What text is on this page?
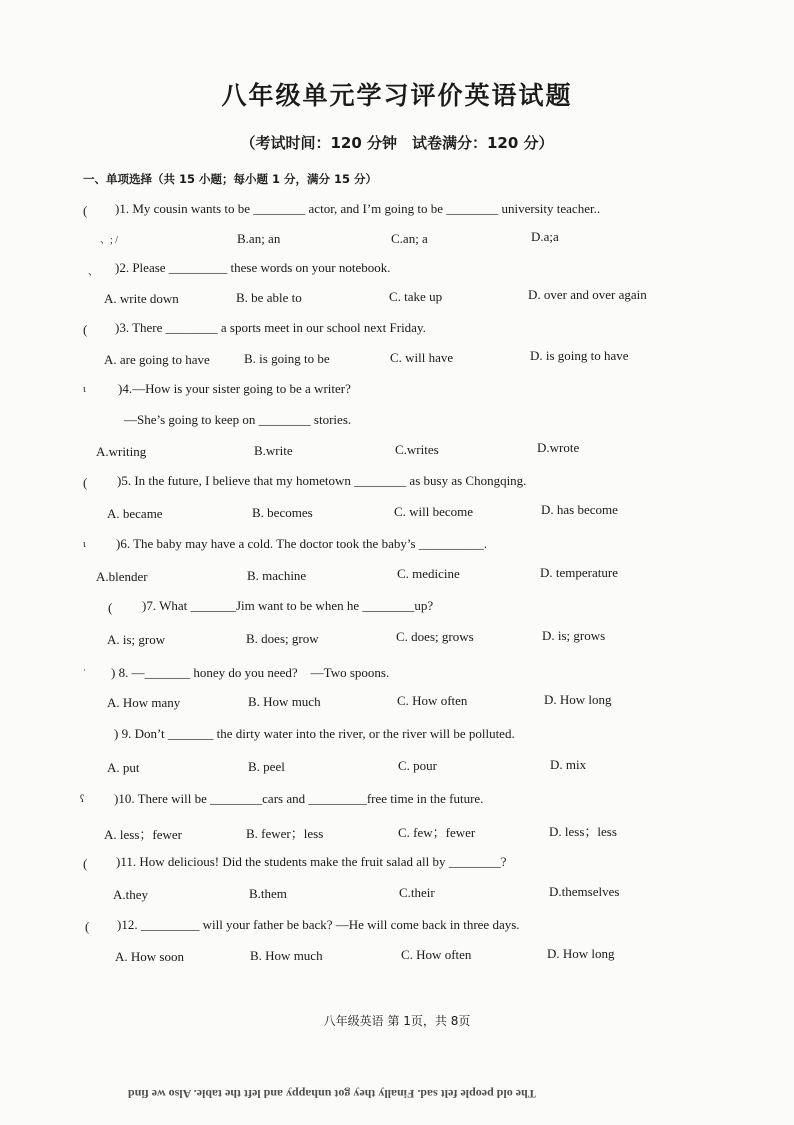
八年级单元学习评价英语试题
（考试时间：120 分钟　试卷满分：120 分）
一、单项选择（共 15 小题；每小题 1 分，满分 15 分）
( )1. My cousin wants to be ________ actor, and I’m going to be ________ university teacher..
、; /	B.an; an	C.an; a	D.a;a
、 )2. Please _________ these words on your notebook.
A. write down	B. be able to	C. take up	D. over and over again
( )3. There ________ a sports meet in our school next Friday.
A. are going to have	B. is going to be	C. will have	D. is going to have
ι )4.—How is your sister going to be a writer?
—She’s going to keep on ________ stories.
A.writing	B.write	C.writes	D.wrote
( )5. In the future, I believe that my hometown ________ as busy as Chongqing.
A. became	B. becomes	C. will become	D. has become
ι )6. The baby may have a cold. The doctor took the baby’s __________.
A.blender	B. machine	C. medicine	D. temperature
( )7. What _______Jim want to be when he ________up?
A. is; grow	B. does; grow	C. does; grows	D. is; grows
· ) 8. —_______ honey do you need?　—Two spoons.
A. How many	B. How much	C. How often	D. How long
) 9. Don’t _______ the dirty water into the river, or the river will be polluted.
A. put	B. peel	C. pour	D. mix
ʕ )10. There will be ________cars and _________free time in the future.
A. less；fewer	B. fewer；less	C. few；fewer	D. less；less
( )11. How delicious! Did the students make the fruit salad all by ________?
A.they	B.them	C.their	D.themselves
( )12. _________ will your father be back? —He will come back in three days.
A. How soon	B. How much	C. How often	D. How long
八年级英语 第 1页，共 8页
The old people felt sad. Finally they got unhappy and left the table. Also we find
